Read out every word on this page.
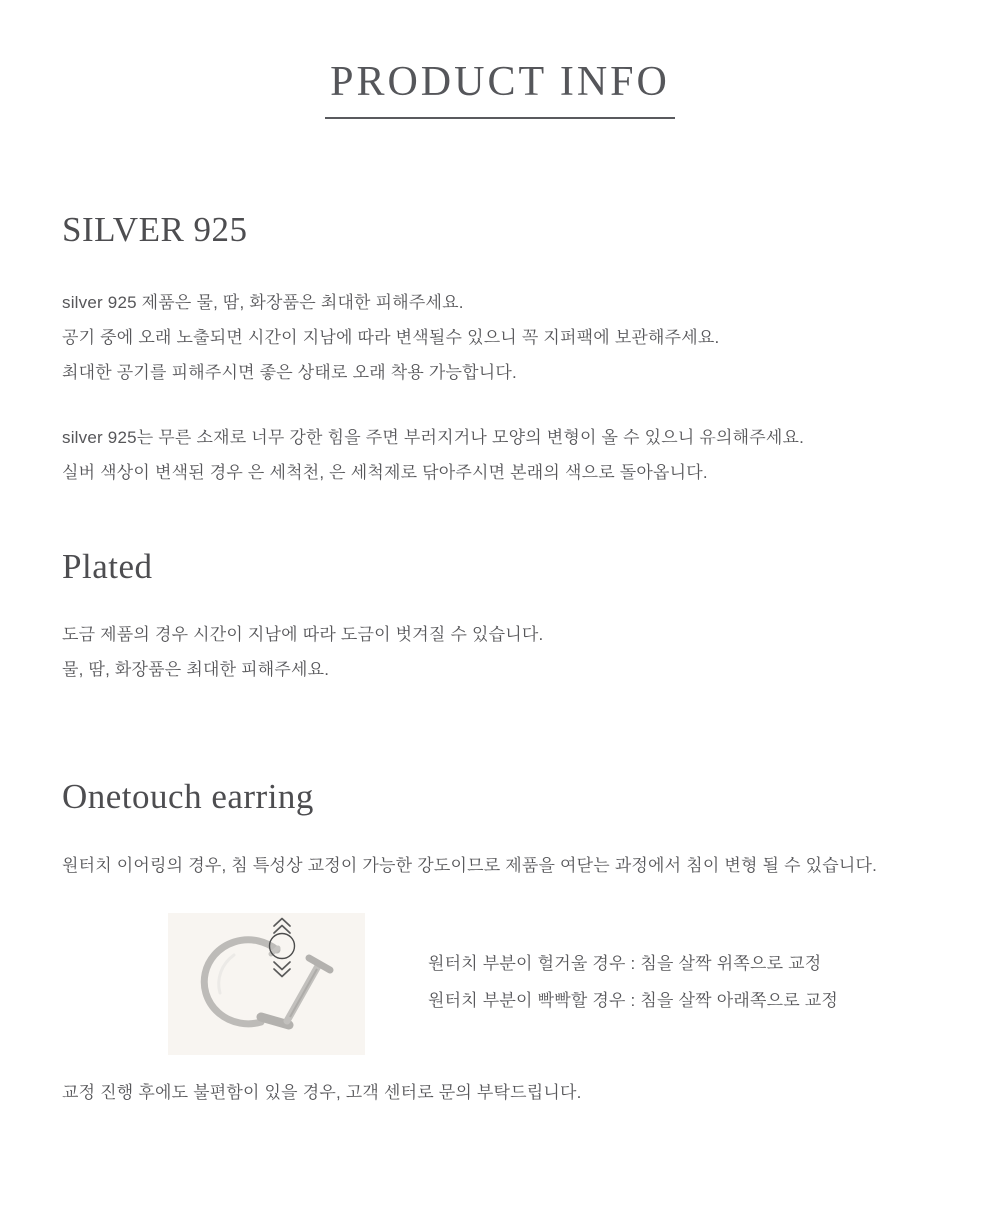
PRODUCT INFO
SILVER 925

silver 925 제품은 물, 땀, 화장품은 최대한 피해주세요.

공기 중에 오래 노출되면 시간이 지남에 따라 변색될수 있으니 꼭 지퍼팩에 보관해주세요.

최대한 공기를 피해주시면 좋은 상태로 오래 착용 가능합니다.

silver 925는 무른 소재로 너무 강한 힘을 주면 부러지거나 모양의 변형이 올 수 있으니 유의해주세요.

실버 색상이 변색된 경우 은 세척천, 은 세척제로 닦아주시면 본래의 색으로 돌아옵니다.

Plated

도금 제품의 경우 시간이 지남에 따라 도금이 벗겨질 수 있습니다.

물, 땀, 화장품은 최대한 피해주세요.

Onetouch earring

원터치 이어링의 경우, 침 특성상 교정이 가능한 강도이므로 제품을 여닫는 과정에서 침이 변형 될 수 있습니다.

원터치 부분이 헐거울 경우 : 침을 살짝 위쪽으로 교정

원터치 부분이 빡빡할 경우 : 침을 살짝 아래쪽으로 교정

교정 진행 후에도 불편함이 있을 경우, 고객 센터로 문의 부탁드립니다.
